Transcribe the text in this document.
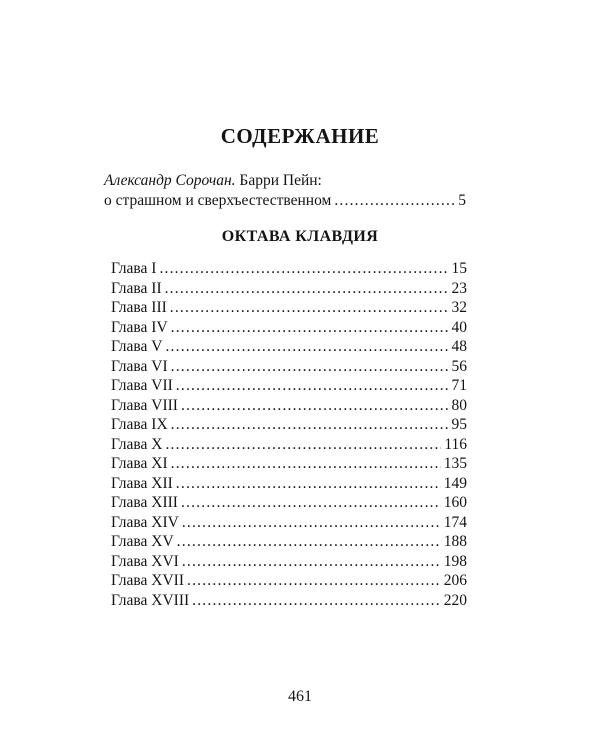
СОДЕРЖАНИЕ
Александр Сорочан. Барри Пейн:
о страшном и сверхъестественном .....	5
ОКТАВА КЛАВДИЯ
Глава I .....	15
Глава II .....	23
Глава III .....	32
Глава IV .....	40
Глава V .....	48
Глава VI .....	56
Глава VII .....	71
Глава VIII .....	80
Глава IX .....	95
Глава X .....	116
Глава XI .....	135
Глава XII .....	149
Глава XIII .....	160
Глава XIV .....	174
Глава XV .....	188
Глава XVI .....	198
Глава XVII .....	206
Глава XVIII .....	220
461
